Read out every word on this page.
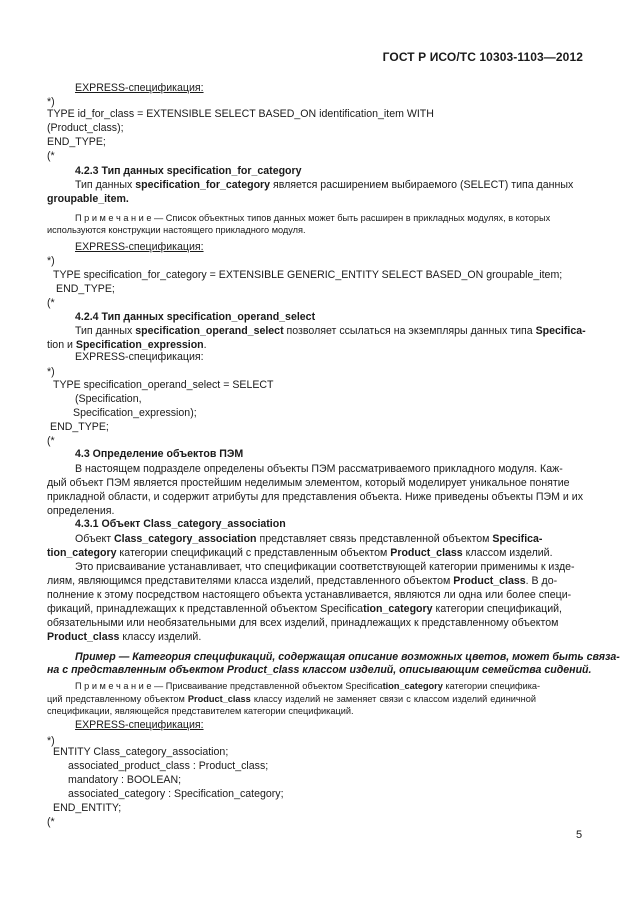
ГОСТ Р ИСО/ТС 10303-1103—2012
EXPRESS-спецификация:
*)
TYPE id_for_class = EXTENSIBLE SELECT BASED_ON identification_item WITH
(Product_class);
END_TYPE;
(*
4.2.3 Тип данных specification_for_category
Тип данных specification_for_category является расширением выбираемого (SELECT) типа данных
groupable_item.
П р и м е ч а н и е — Список объектных типов данных может быть расширен в прикладных модулях, в которых
используются конструкции настоящего прикладного модуля.
EXPRESS-спецификация:
*)
TYPE specification_for_category = EXTENSIBLE GENERIC_ENTITY SELECT BASED_ON groupable_item;
END_TYPE;
(*
4.2.4 Тип данных specification_operand_select
Тип данных specification_operand_select позволяет ссылаться на экземпляры данных типа Specifica-
tion и Specification_expression.
EXPRESS-спецификация:
*)
TYPE specification_operand_select = SELECT
(Specification,
Specification_expression);
END_TYPE;
(*
4.3 Определение объектов ПЭМ
В настоящем подразделе определены объекты ПЭМ рассматриваемого прикладного модуля. Каж-
дый объект ПЭМ является простейшим неделимым элементом, который моделирует уникальное понятие
прикладной области, и содержит атрибуты для представления объекта. Ниже приведены объекты ПЭМ и их
определения.
4.3.1 Объект Class_category_association
Объект Class_category_association представляет связь представленной объектом Specifica-
tion_category категории спецификаций с представленным объектом Product_class классом изделий.
Это присваивание устанавливает, что спецификации соответствующей категории применимы к изде-
лиям, являющимся представителями класса изделий, представленного объектом Product_class. В до-
полнение к этому посредством настоящего объекта устанавливается, являются ли одна или более специ-
фикаций, принадлежащих к представленной объектом Specification_category категории спецификаций,
обязательными или необязательными для всех изделий, принадлежащих к представленному объектом
Product_class классу изделий.
Пример — Категория спецификаций, содержащая описание возможных цветов, может быть связа-
на с представленным объектом Product_class классом изделий, описывающим семейства сидений.
П р и м е ч а н и е — Присваивание представленной объектом Specification_category категории специфика-
ций представленному объектом Product_class классу изделий не заменяет связи с классом изделий единичной
спецификации, являющейся представителем категории спецификаций.
EXPRESS-спецификация:
*)
ENTITY Class_category_association;
associated_product_class : Product_class;
mandatory : BOOLEAN;
associated_category : Specification_category;
END_ENTITY;
(*
5
